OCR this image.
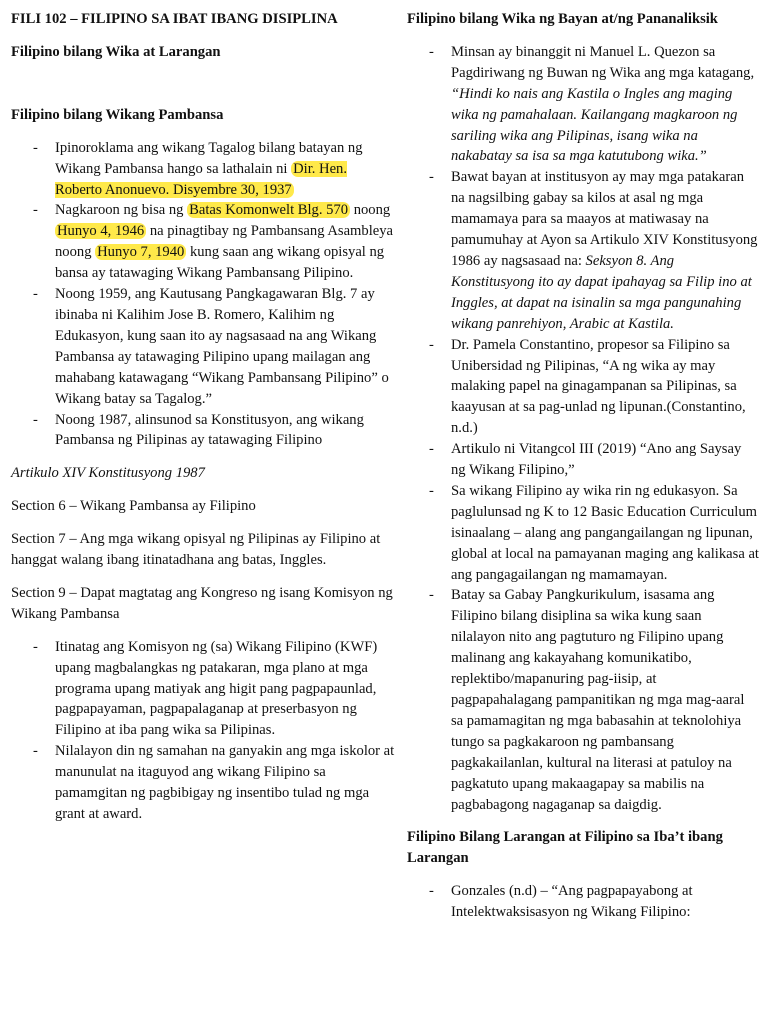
FILI 102 – FILIPINO SA IBAT IBANG DISIPLINA

Filipino bilang Wika at Larangan

Filipino bilang Wikang Pambansa

- Ipinoroklama ang wikang Tagalog bilang batayan ng Wikang Pambansa hango sa lathalain ni Dir. Hen. Roberto Anonuevo. Disyembre 30, 1937
- Nagkaroon ng bisa ng Batas Komonwelt Blg. 570 noong Hunyo 4, 1946 na pinagtibay ng Pambansang Asambleya noong Hunyo 7, 1940 kung saan ang wikang opisyal ng bansa ay tatawaging Wikang Pambansang Pilipino.
- Noong 1959, ang Kautusang Pangkagawaran Blg. 7 ay ibinaba ni Kalihim Jose B. Romero, Kalihim ng Edukasyon, kung saan ito ay nagsasaad na ang Wikang Pambansa ay tatawaging Pilipino upang mailagan ang mahabang katawagang “Wikang Pambansang Pilipino” o Wikang batay sa Tagalog.”
- Noong 1987, alinsunod sa Konstitusyon, ang wikang Pambansa ng Pilipinas ay tatawaging Filipino

Artikulo XIV Konstitusyong 1987

Section 6 – Wikang Pambansa ay Filipino

Section 7 – Ang mga wikang opisyal ng Pilipinas ay Filipino at hanggat walang ibang itinatadhana ang batas, Inggles.

Section 9 – Dapat magtatag ang Kongreso ng isang Komisyon ng Wikang Pambansa

- Itinatag ang Komisyon ng (sa) Wikang Filipino (KWF) upang magbalangkas ng patakaran, mga plano at mga programa upang matiyak ang higit pang pagpapaunlad, pagpapayaman, pagpapalaganap at preserbasyon ng Filipino at iba pang wika sa Pilipinas.
- Nilalayon din ng samahan na ganyakin ang mga iskolor at manunulat na itaguyod ang wikang Filipino sa pamamgitan ng pagbibigay ng insentibo tulad ng mga grant at award.

Filipino bilang Wika ng Bayan at/ng Pananaliksik

- Minsan ay binanggit ni Manuel L. Quezon sa Pagdiriwang ng Buwan ng Wika ang mga katagang, “Hindi ko nais ang Kastila o Ingles ang maging wika ng pamahalaan. Kailangang magkaroon ng sariling wika ang Pilipinas, isang wika na nakabatay sa isa sa mga katutubong wika.”
- Bawat bayan at institusyon ay may mga patakaran na nagsilbing gabay sa kilos at asal ng mga mamamaya para sa maayos at matiwasay na pamumuhay at Ayon sa Artikulo XIV Konstitusyong 1986 ay nagsasaad na: Seksyon 8. Ang Konstitusyong ito ay dapat ipahayag sa Filip ino at Inggles, at dapat na isinalin sa mga pangunahing wikang panrehiyon, Arabic at Kastila.
- Dr. Pamela Constantino, propesor sa Filipino sa Unibersidad ng Pilipinas, “A ng wika ay may malaking papel na ginagampanan sa Pilipinas, sa kaayusan at sa pag-unlad ng lipunan.(Constantino, n.d.)
- Artikulo ni Vitangcol III (2019) “Ano ang Saysay ng Wikang Filipino,”
- Sa wikang Filipino ay wika rin ng edukasyon. Sa paglulunsad ng K to 12 Basic Education Curriculum isinaalang – alang ang pangangailangan ng lipunan, global at local na pamayanan maging ang kalikasa at ang pangagailangan ng mamamayan.
- Batay sa Gabay Pangkurikulum, isasama ang Filipino bilang disiplina sa wika kung saan nilalayon nito ang pagtuturo ng Filipino upang malinang ang kakayahang komunikatibo, replektibo/mapanuring pag-iisip, at pagpapahalagang pampanitikan ng mga mag-aaral sa pamamagitan ng mga babasahin at teknolohiya tungo sa pagkakaroon ng pambansang pagkakailanlan, kultural na literasi at patuloy na pagkatuto upang makaagapay sa mabilis na pagbabagong nagaganap sa daigdig.

Filipino Bilang Larangan at Filipino sa Iba’t ibang Larangan

- Gonzales (n.d) – “Ang pagpapayabong at Intelektwaksisasyon ng Wikang Filipino:
